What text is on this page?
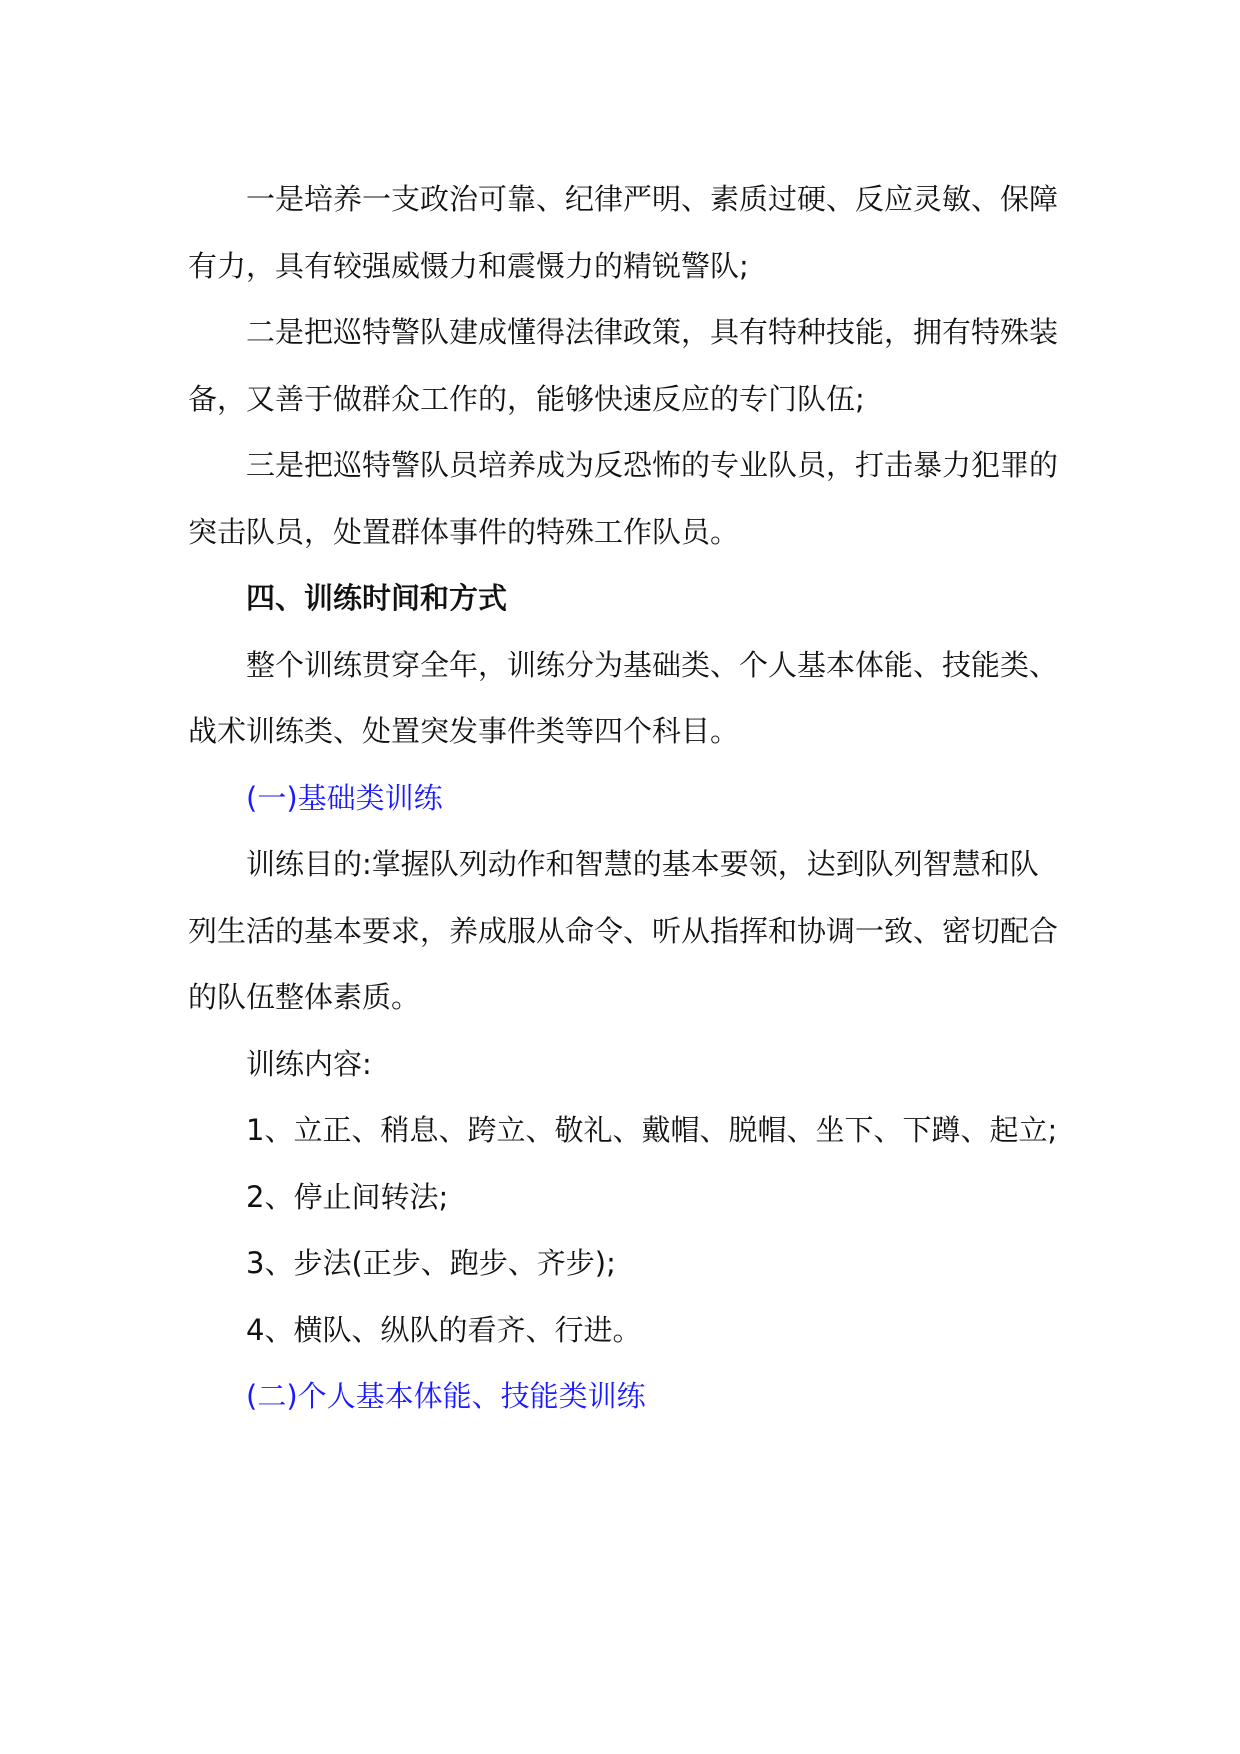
一是培养一支政治可靠、纪律严明、素质过硬、反应灵敏、保障有力，具有较强威慑力和震慑力的精锐警队;

二是把巡特警队建成懂得法律政策，具有特种技能，拥有特殊装备，又善于做群众工作的，能够快速反应的专门队伍;

三是把巡特警队员培养成为反恐怖的专业队员，打击暴力犯罪的突击队员，处置群体事件的特殊工作队员。

四、训练时间和方式

整个训练贯穿全年，训练分为基础类、个人基本体能、技能类、战术训练类、处置突发事件类等四个科目。

(一)基础类训练

训练目的:掌握队列动作和智慧的基本要领，达到队列智慧和队列生活的基本要求，养成服从命令、听从指挥和协调一致、密切配合的队伍整体素质。

训练内容:

1、立正、稍息、跨立、敬礼、戴帽、脱帽、坐下、下蹲、起立;

2、停止间转法;

3、步法(正步、跑步、齐步);

4、横队、纵队的看齐、行进。

(二)个人基本体能、技能类训练
